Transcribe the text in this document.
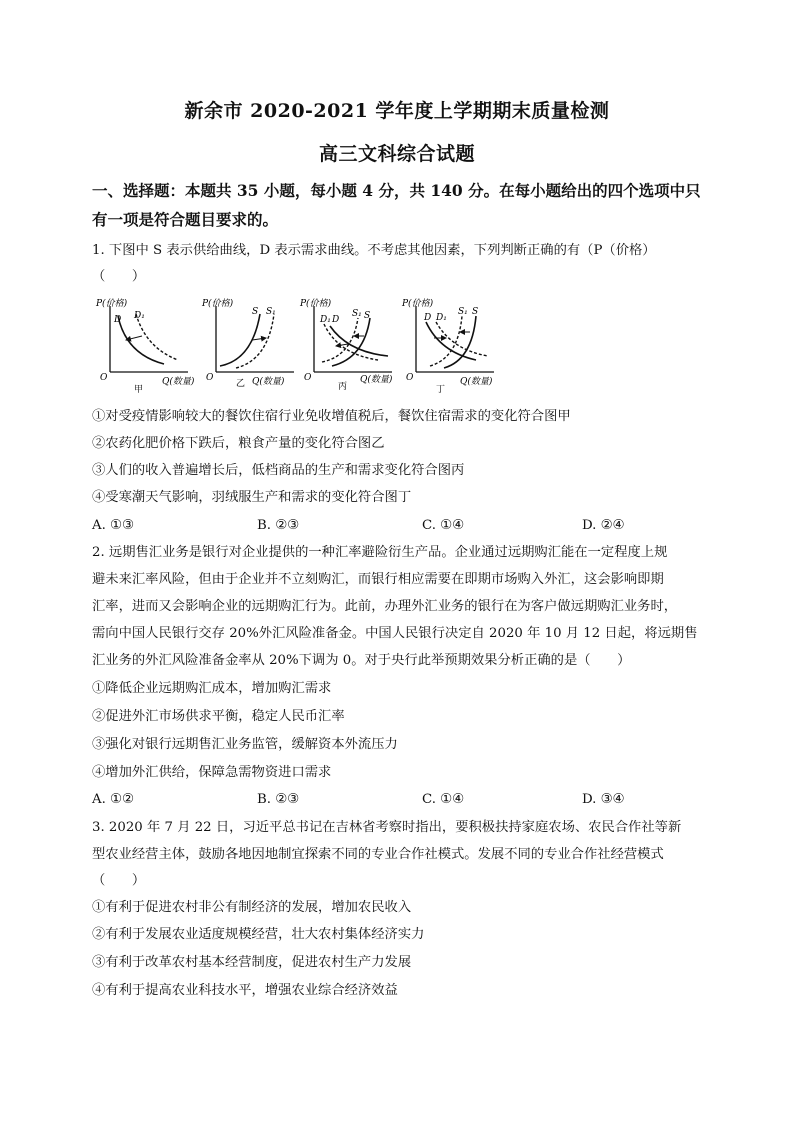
新余市 2020-2021 学年度上学期期末质量检测
高三文科综合试题
一、选择题：本题共 35 小题，每小题 4 分，共 140 分。在每小题给出的四个选项中只
有一项是符合题目要求的。
1. 下图中 S 表示供给曲线，D 表示需求曲线。不考虑其他因素，下列判断正确的有（P（价格）
（　　）
P(价格)
D D₁
O	Q(数量)
甲
P(价格)
S S₁
O	Q(数量)
乙
P(价格)
D₁ D
S₁ S
O	Q(数量)
丙
P(价格)
D D₁
S₁ S
O	Q(数量)
丁
①对受疫情影响较大的餐饮住宿行业免收增值税后，餐饮住宿需求的变化符合图甲
②农药化肥价格下跌后，粮食产量的变化符合图乙
③人们的收入普遍增长后，低档商品的生产和需求变化符合图丙
④受寒潮天气影响，羽绒服生产和需求的变化符合图丁
A. ①③	B. ②③	C. ①④	D. ②④
2. 远期售汇业务是银行对企业提供的一种汇率避险衍生产品。企业通过远期购汇能在一定程度上规
避未来汇率风险，但由于企业并不立刻购汇，而银行相应需要在即期市场购入外汇，这会影响即期
汇率，进而又会影响企业的远期购汇行为。此前，办理外汇业务的银行在为客户做远期购汇业务时，
需向中国人民银行交存 20%外汇风险准备金。中国人民银行决定自 2020 年 10 月 12 日起，将远期售
汇业务的外汇风险准备金率从 20%下调为 0。对于央行此举预期效果分析正确的是（　　）
①降低企业远期购汇成本，增加购汇需求
②促进外汇市场供求平衡，稳定人民币汇率
③强化对银行远期售汇业务监管，缓解资本外流压力
④增加外汇供给，保障急需物资进口需求
A. ①②	B. ②③	C. ①④	D. ③④
3. 2020 年 7 月 22 日，习近平总书记在吉林省考察时指出，要积极扶持家庭农场、农民合作社等新
型农业经营主体，鼓励各地因地制宜探索不同的专业合作社模式。发展不同的专业合作社经营模式
（　　）
①有利于促进农村非公有制经济的发展，增加农民收入
②有利于发展农业适度规模经营，壮大农村集体经济实力
③有利于改革农村基本经营制度，促进农村生产力发展
④有利于提高农业科技水平，增强农业综合经济效益
